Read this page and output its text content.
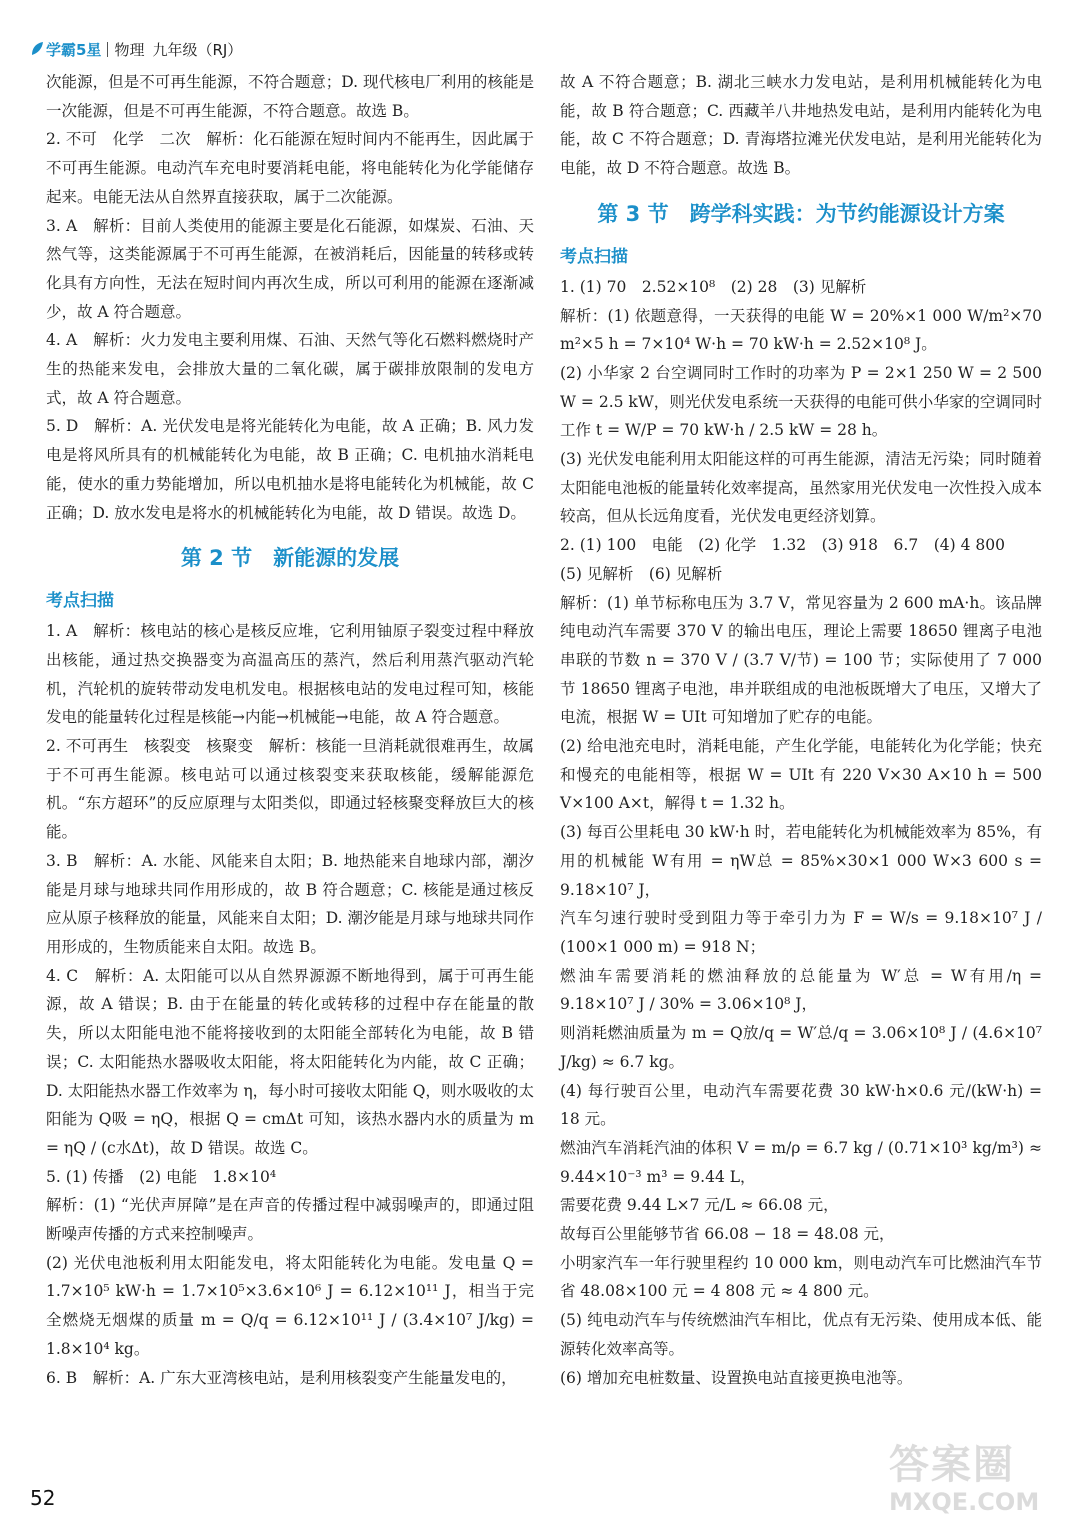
学霸5星 物理 九年级（RJ）

次能源，但是不可再生能源，不符合题意；D. 现代核电厂利用的核能是一次能源，但是不可再生能源，不符合题意。故选 B。

2. 不可　化学　二次　解析：化石能源在短时间内不能再生，因此属于不可再生能源。电动汽车充电时要消耗电能，将电能转化为化学能储存起来。电能无法从自然界直接获取，属于二次能源。

3. A　解析：目前人类使用的能源主要是化石能源，如煤炭、石油、天然气等，这类能源属于不可再生能源，在被消耗后，因能量的转移或转化具有方向性，无法在短时间内再次生成，所以可利用的能源在逐渐减少，故 A 符合题意。

4. A　解析：火力发电主要利用煤、石油、天然气等化石燃料燃烧时产生的热能来发电，会排放大量的二氧化碳，属于碳排放限制的发电方式，故 A 符合题意。

5. D　解析：A. 光伏发电是将光能转化为电能，故 A 正确；B. 风力发电是将风所具有的机械能转化为电能，故 B 正确；C. 电机抽水消耗电能，使水的重力势能增加，所以电机抽水是将电能转化为机械能，故 C 正确；D. 放水发电是将水的机械能转化为电能，故 D 错误。故选 D。

第 2 节　新能源的发展
考点扫描

1. A　解析：核电站的核心是核反应堆，它利用铀原子裂变过程中释放出核能，通过热交换器变为高温高压的蒸汽，然后利用蒸汽驱动汽轮机，汽轮机的旋转带动发电机发电。根据核电站的发电过程可知，核能发电的能量转化过程是核能→内能→机械能→电能，故 A 符合题意。

2. 不可再生　核裂变　核聚变　解析：核能一旦消耗就很难再生，故属于不可再生能源。核电站可以通过核裂变来获取核能，缓解能源危机。“东方超环”的反应原理与太阳类似，即通过轻核聚变释放巨大的核能。

3. B　解析：A. 水能、风能来自太阳；B. 地热能来自地球内部，潮汐能是月球与地球共同作用形成的，故 B 符合题意；C. 核能是通过核反应从原子核释放的能量，风能来自太阳；D. 潮汐能是月球与地球共同作用形成的，生物质能来自太阳。故选 B。

4. C　解析：A. 太阳能可以从自然界源源不断地得到，属于可再生能源，故 A 错误；B. 由于在能量的转化或转移的过程中存在能量的散失，所以太阳能电池不能将接收到的太阳能全部转化为电能，故 B 错误；C. 太阳能热水器吸收太阳能，将太阳能转化为内能，故 C 正确；D. 太阳能热水器工作效率为 η，每小时可接收太阳能 Q，则水吸收的太阳能为 Q吸 = ηQ，根据 Q = cmΔt 可知，该热水器内水的质量为 m = ηQ / (c水Δt)，故 D 错误。故选 C。

5. (1) 传播　(2) 电能　1.8×10⁴

解析：(1) “光伏声屏障”是在声音的传播过程中减弱噪声的，即通过阻断噪声传播的方式来控制噪声。

(2) 光伏电池板利用太阳能发电，将太阳能转化为电能。发电量 Q = 1.7×10⁵ kW·h = 1.7×10⁵×3.6×10⁶ J = 6.12×10¹¹ J，相当于完全燃烧无烟煤的质量 m = Q/q = 6.12×10¹¹ J / (3.4×10⁷ J/kg) = 1.8×10⁴ kg。

6. B　解析：A. 广东大亚湾核电站，是利用核裂变产生能量发电的，

故 A 不符合题意；B. 湖北三峡水力发电站，是利用机械能转化为电能，故 B 符合题意；C. 西藏羊八井地热发电站，是利用内能转化为电能，故 C 不符合题意；D. 青海塔拉滩光伏发电站，是利用光能转化为电能，故 D 不符合题意。故选 B。

第 3 节　跨学科实践：为节约能源设计方案
考点扫描

1. (1) 70　2.52×10⁸　(2) 28　(3) 见解析

解析：(1) 依题意得，一天获得的电能 W = 20%×1 000 W/m²×70 m²×5 h = 7×10⁴ W·h = 70 kW·h = 2.52×10⁸ J。

(2) 小华家 2 台空调同时工作时的功率为 P = 2×1 250 W = 2 500 W = 2.5 kW，则光伏发电系统一天获得的电能可供小华家的空调同时工作 t = W/P = 70 kW·h / 2.5 kW = 28 h。

(3) 光伏发电能利用太阳能这样的可再生能源，清洁无污染；同时随着太阳能电池板的能量转化效率提高，虽然家用光伏发电一次性投入成本较高，但从长远角度看，光伏发电更经济划算。

2. (1) 100　电能　(2) 化学　1.32　(3) 918　6.7　(4) 4 800

(5) 见解析　(6) 见解析

解析：(1) 单节标称电压为 3.7 V，常见容量为 2 600 mA·h。该品牌纯电动汽车需要 370 V 的输出电压，理论上需要 18650 锂离子电池串联的节数 n = 370 V / (3.7 V/节) = 100 节；实际使用了 7 000 节 18650 锂离子电池，串并联组成的电池板既增大了电压，又增大了电流，根据 W = UIt 可知增加了贮存的电能。

(2) 给电池充电时，消耗电能，产生化学能，电能转化为化学能；快充和慢充的电能相等，根据 W = UIt 有 220 V×30 A×10 h = 500 V×100 A×t，解得 t = 1.32 h。

(3) 每百公里耗电 30 kW·h 时，若电能转化为机械能效率为 85%，有用的机械能 W有用 = ηW总 = 85%×30×1 000 W×3 600 s = 9.18×10⁷ J，

汽车匀速行驶时受到阻力等于牵引力为 F = W/s = 9.18×10⁷ J / (100×1 000 m) = 918 N；

燃油车需要消耗的燃油释放的总能量为 W′总 = W有用/η = 9.18×10⁷ J / 30% = 3.06×10⁸ J，

则消耗燃油质量为 m = Q放/q = W′总/q = 3.06×10⁸ J / (4.6×10⁷ J/kg) ≈ 6.7 kg。

(4) 每行驶百公里，电动汽车需要花费 30 kW·h×0.6 元/(kW·h) = 18 元。

燃油汽车消耗汽油的体积 V = m/ρ = 6.7 kg / (0.71×10³ kg/m³) ≈ 9.44×10⁻³ m³ = 9.44 L，

需要花费 9.44 L×7 元/L ≈ 66.08 元，

故每百公里能够节省 66.08 − 18 = 48.08 元，

小明家汽车一年行驶里程约 10 000 km，则电动汽车可比燃油汽车节省 48.08×100 元 = 4 808 元 ≈ 4 800 元。

(5) 纯电动汽车与传统燃油汽车相比，优点有无污染、使用成本低、能源转化效率高等。

(6) 增加充电桩数量、设置换电站直接更换电池等。

52
答案圈
MXQE.COM
